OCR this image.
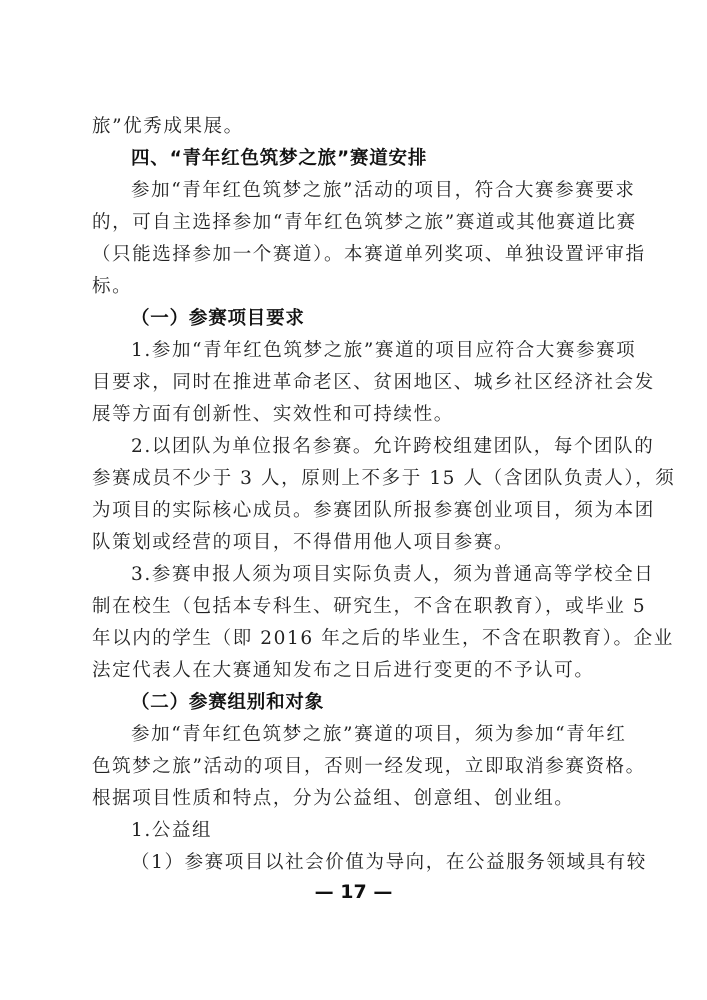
旅”优秀成果展。
四、“青年红色筑梦之旅”赛道安排
参加“青年红色筑梦之旅”活动的项目，符合大赛参赛要求
的，可自主选择参加“青年红色筑梦之旅”赛道或其他赛道比赛
（只能选择参加一个赛道）。本赛道单列奖项、单独设置评审指
标。
（一）参赛项目要求
1.参加“青年红色筑梦之旅”赛道的项目应符合大赛参赛项
目要求，同时在推进革命老区、贫困地区、城乡社区经济社会发
展等方面有创新性、实效性和可持续性。
2.以团队为单位报名参赛。允许跨校组建团队，每个团队的
参赛成员不少于 3 人，原则上不多于 15 人（含团队负责人），须
为项目的实际核心成员。参赛团队所报参赛创业项目，须为本团
队策划或经营的项目，不得借用他人项目参赛。
3.参赛申报人须为项目实际负责人，须为普通高等学校全日
制在校生（包括本专科生、研究生，不含在职教育），或毕业 5
年以内的学生（即 2016 年之后的毕业生，不含在职教育）。企业
法定代表人在大赛通知发布之日后进行变更的不予认可。
（二）参赛组别和对象
参加“青年红色筑梦之旅”赛道的项目，须为参加“青年红
色筑梦之旅”活动的项目，否则一经发现，立即取消参赛资格。
根据项目性质和特点，分为公益组、创意组、创业组。
1.公益组
（1）参赛项目以社会价值为导向，在公益服务领域具有较
— 17 —
